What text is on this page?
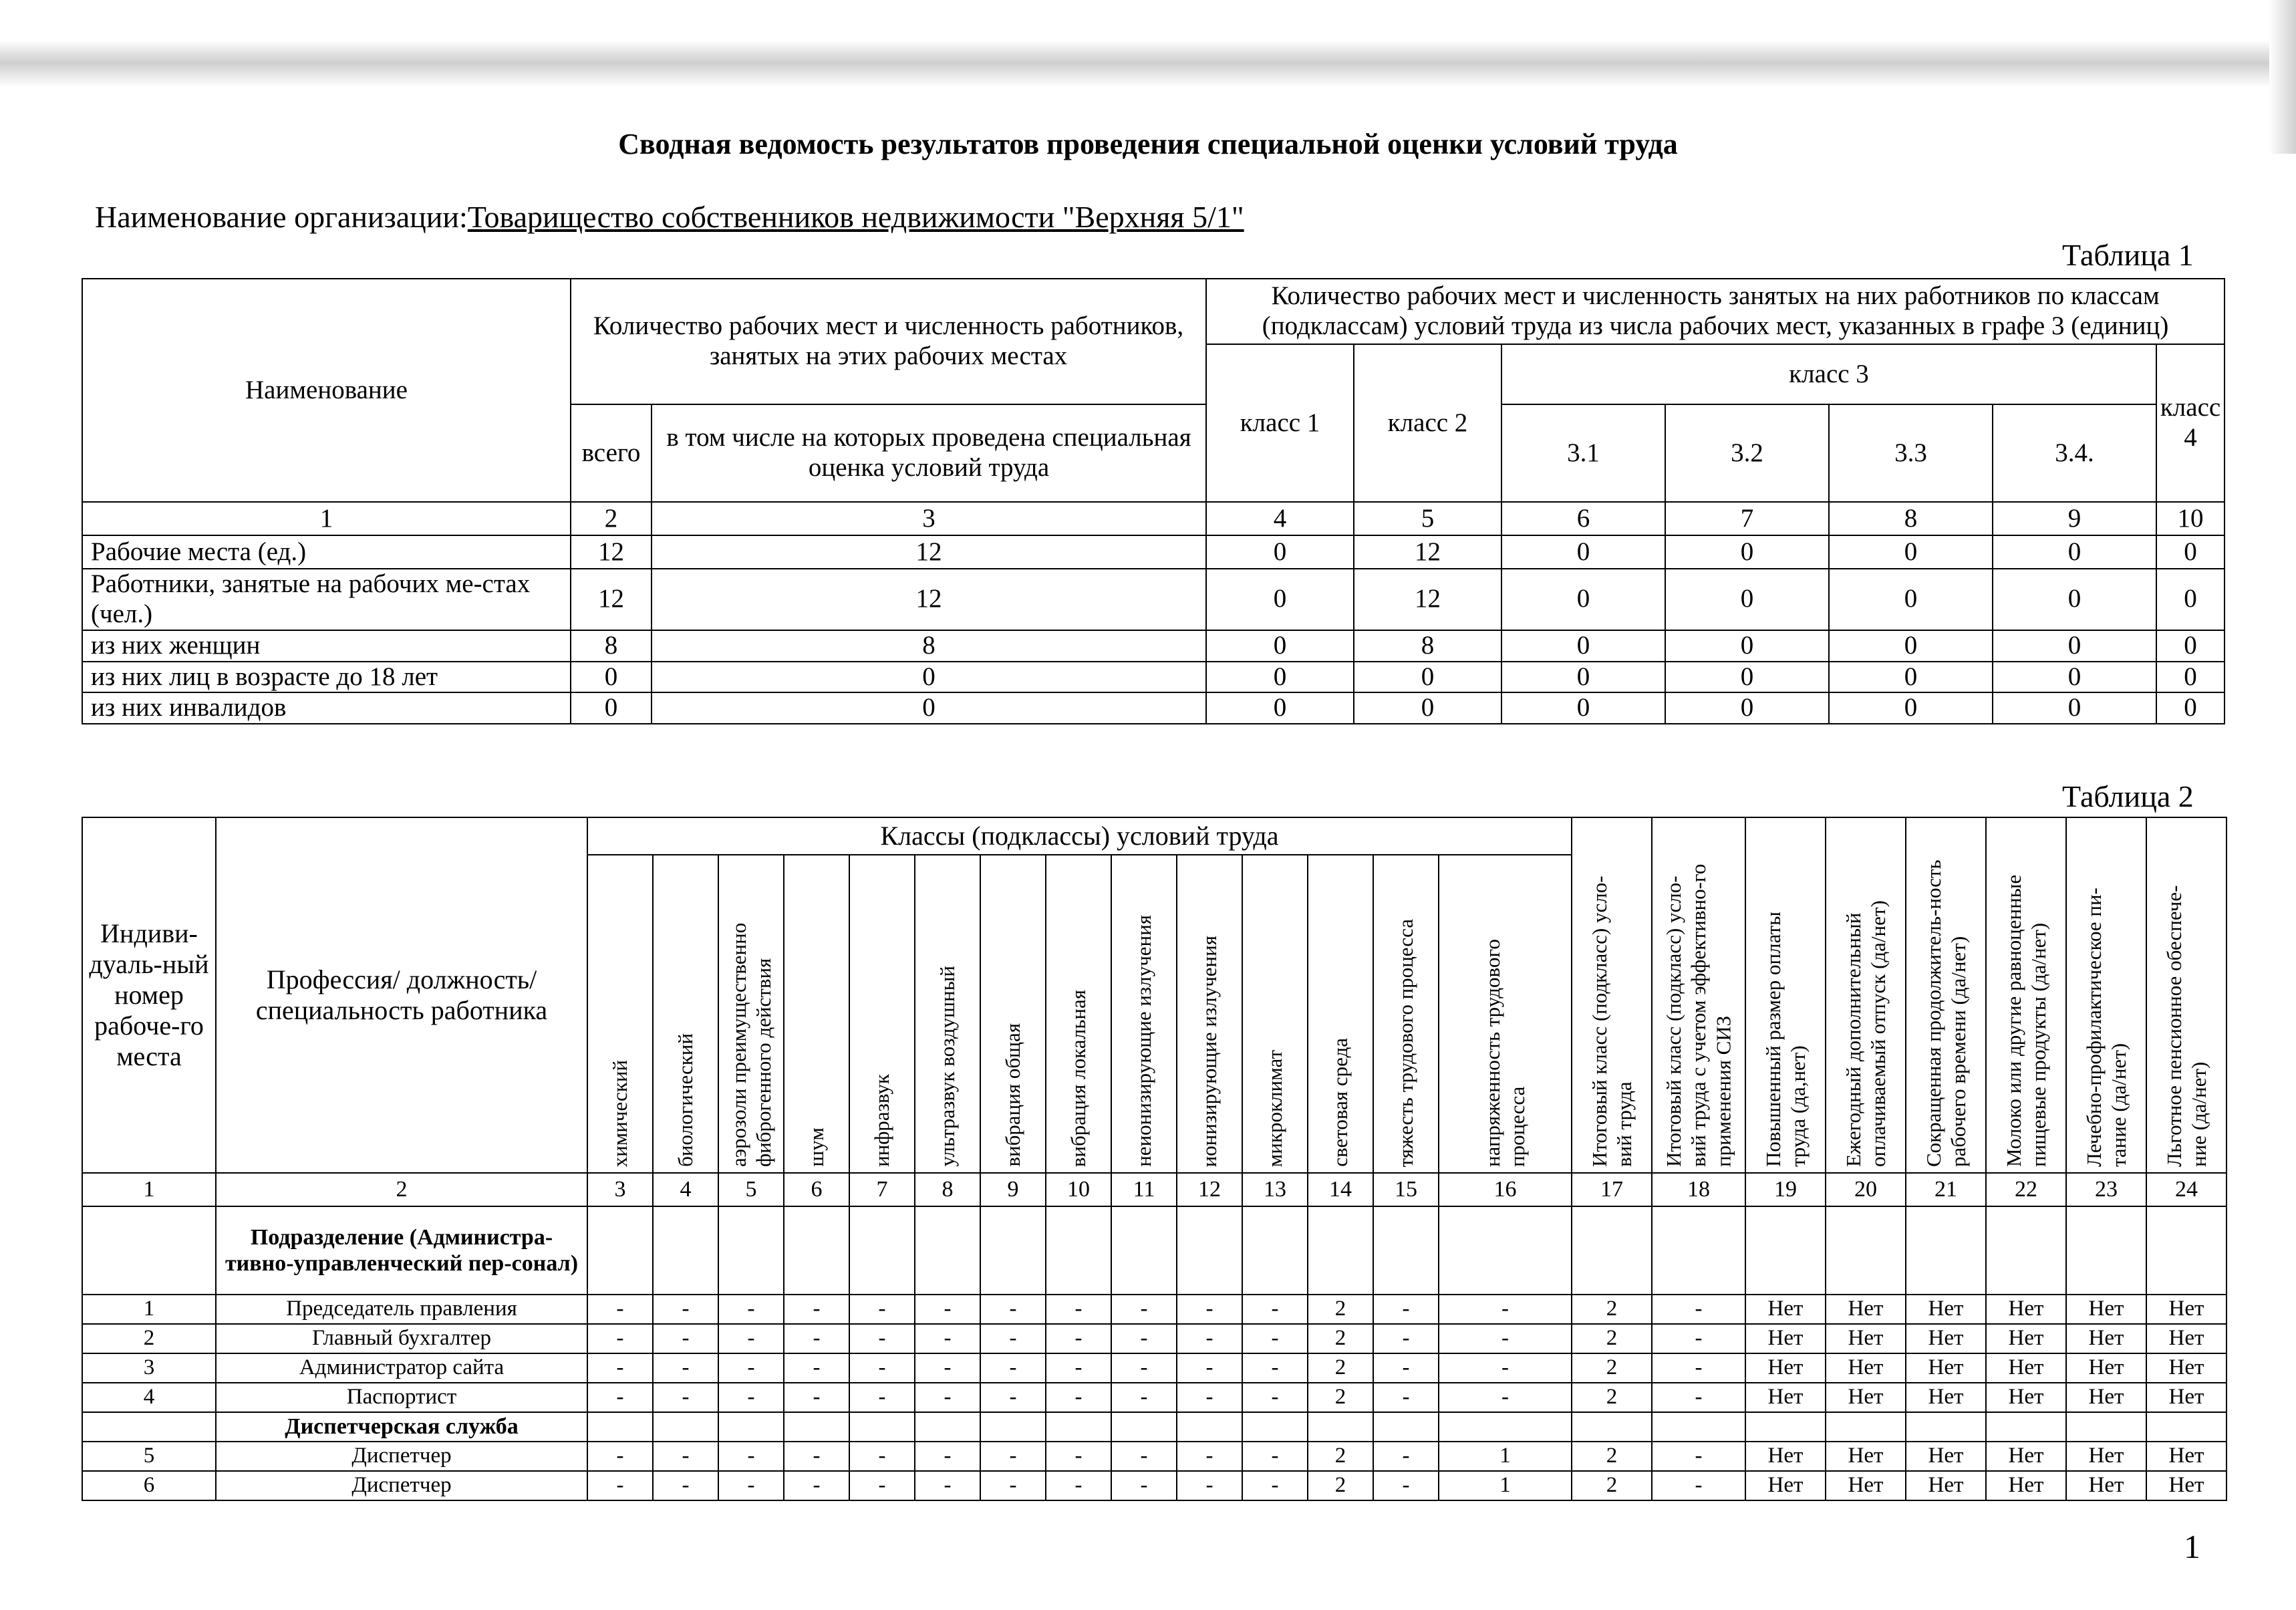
Сводная ведомость результатов проведения специальной оценки условий труда
Наименование организации:Товарищество собственников недвижимости "Верхняя 5/1"
Таблица 1
Наименование	Количество рабочих мест и численность работников, занятых на этих рабочих местах		Количество рабочих мест и численность занятых на них работников по классам (подклассам) условий труда из числа рабочих мест, указанных в графе 3 (единиц)						
			класс 1	класс 2	класс 3				класс 4
	всего	в том числе на которых проведена специальная оценка условий труда			3.1	3.2	3.3	3.4.	
1	2	3	4	5	6	7	8	9	10
Рабочие места (ед.)	12	12	0	12	0	0	0	0	0
Работники, занятые на рабочих ме-стах (чел.)	12	12	0	12	0	0	0	0	0
из них женщин	8	8	0	8	0	0	0	0	0
из них лиц в возрасте до 18 лет	0	0	0	0	0	0	0	0	0
из них инвалидов	0	0	0	0	0	0	0	0	0
Таблица 2
Индиви-дуаль-ный номер рабоче-го места	Профессия/ должность/ специальность работника	Классы (подклассы) условий труда														Итоговый класс (подкласс) усло-вий труда	Итоговый класс (подкласс) усло-вий труда с учетом эффективно-го применения СИЗ	Повышенный размер оплаты труда (да,нет)	Ежегодный дополнительный оплачиваемый отпуск (да/нет)	Сокращенная продолжитель-ность рабочего времени (да/нет)	Молоко или другие равноценные пищевые продукты (да/нет)	Лечебно-профилактическое пи-тание (да/нет)	Льготное пенсионное обеспече-ние (да/нет)

		химический	биологический	аэрозоли преимущественно фиброгенного действия	шум	инфразвук	ультразвук воздушный	вибрация общая	вибрация локальная	неионизирующие излучения	ионизирующие излучения	микроклимат	световая среда	тяжесть трудового процесса	напряженность трудового процесса								

1	2	3	4	5	6	7	8	9	10	11	12	13	14	15	16	17	18	19	20	21	22	23	24
	Подразделение (Администра-тивно-управленческий пер-сонал)																						
1	Председатель правления	-	-	-	-	-	-	-	-	-	-	-	2	-	-	2	-	Нет	Нет	Нет	Нет	Нет	Нет
2	Главный бухгалтер	-	-	-	-	-	-	-	-	-	-	-	2	-	-	2	-	Нет	Нет	Нет	Нет	Нет	Нет
3	Администратор сайта	-	-	-	-	-	-	-	-	-	-	-	2	-	-	2	-	Нет	Нет	Нет	Нет	Нет	Нет
4	Паспортист	-	-	-	-	-	-	-	-	-	-	-	2	-	-	2	-	Нет	Нет	Нет	Нет	Нет	Нет
	Диспетчерская служба																						
5	Диспетчер	-	-	-	-	-	-	-	-	-	-	-	2	-	1	2	-	Нет	Нет	Нет	Нет	Нет	Нет
6	Диспетчер	-	-	-	-	-	-	-	-	-	-	-	2	-	1	2	-	Нет	Нет	Нет	Нет	Нет	Нет
1
